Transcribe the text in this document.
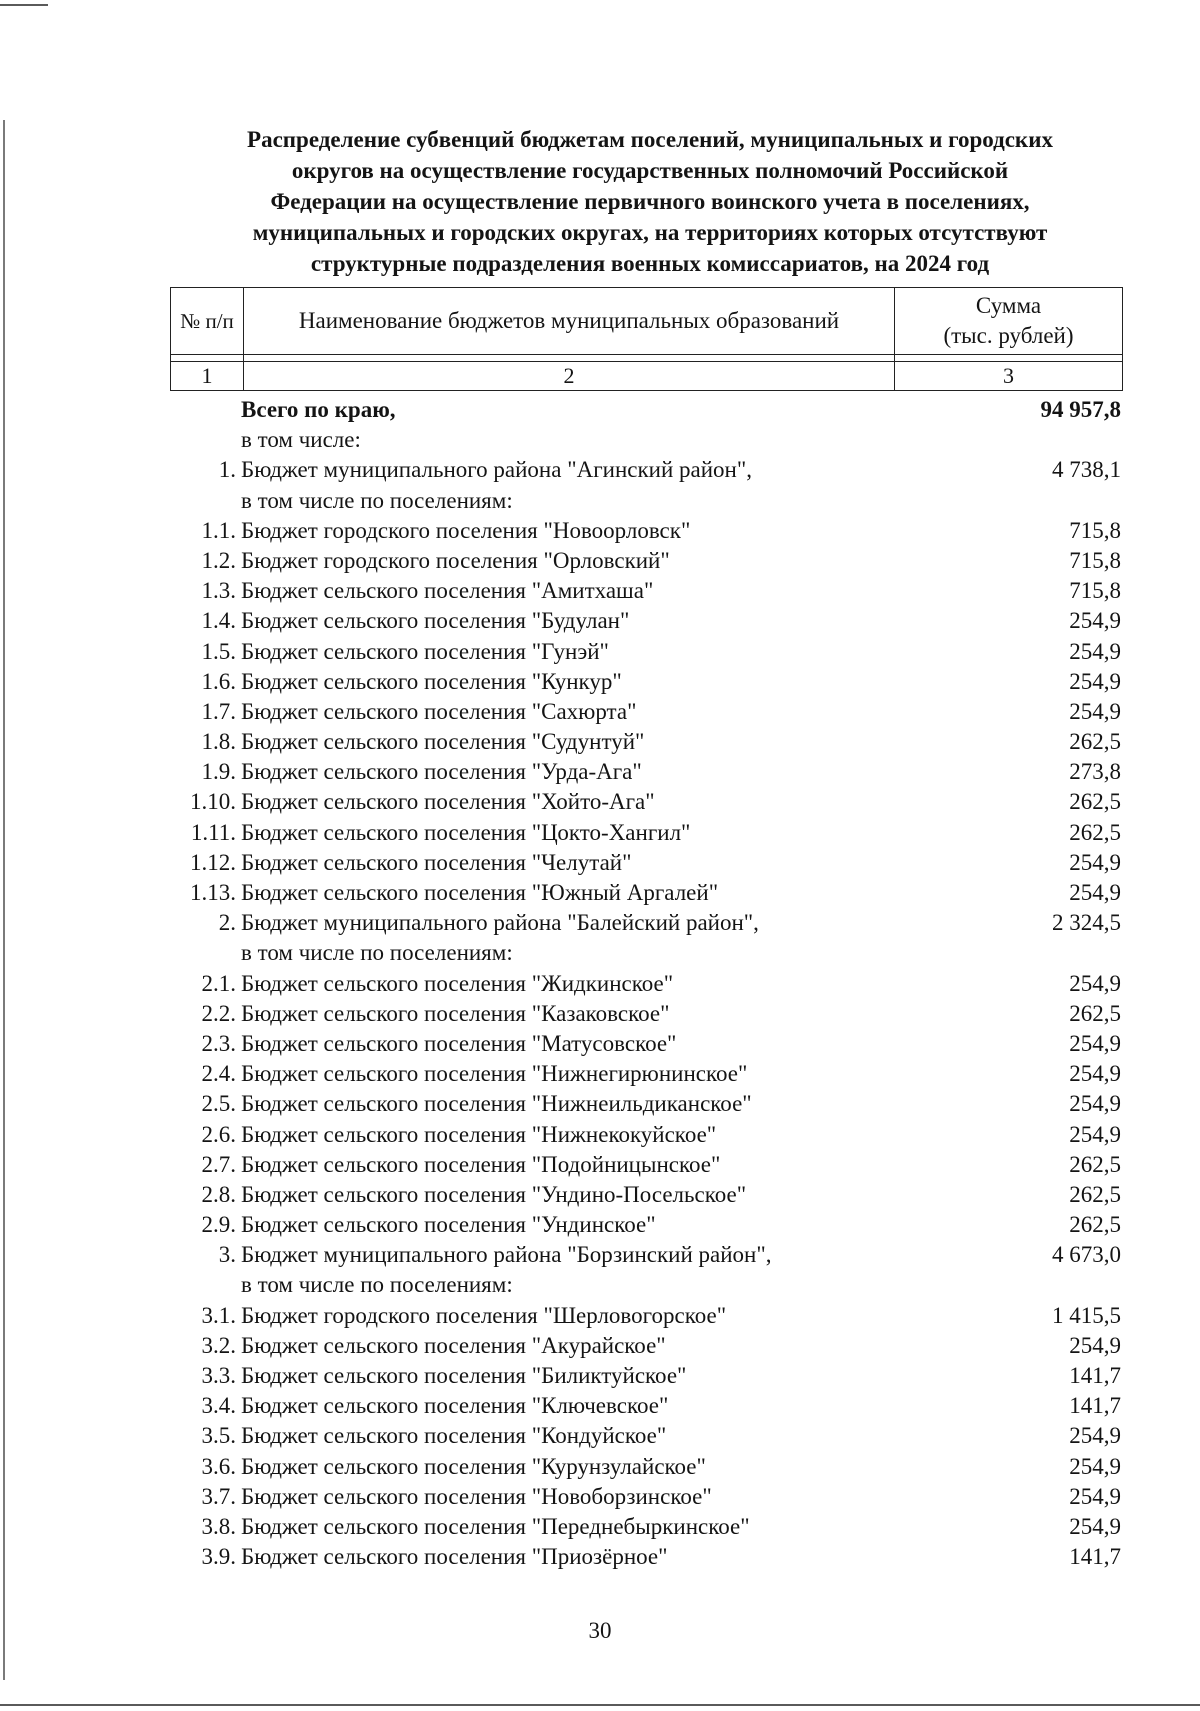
Распределение субвенций бюджетам поселений, муниципальных и городских
округов на осуществление государственных полномочий Российской
Федерации на осуществление первичного воинского учета в поселениях,
муниципальных и городских округах, на территориях которых отсутствуют
структурные подразделения военных комиссариатов, на 2024 год
№ п/п	Наименование бюджетов муниципальных образований	Сумма
(тыс. рублей)

1	2	3
Всего по краю,	94 957,8
в том числе:
1. Бюджет муниципального района "Агинский район",	4 738,1
в том числе по поселениям:
1.1. Бюджет городского поселения "Новоорловск"	715,8
1.2. Бюджет городского поселения "Орловский"	715,8
1.3. Бюджет сельского поселения "Амитхаша"	715,8
1.4. Бюджет сельского поселения "Будулан"	254,9
1.5. Бюджет сельского поселения "Гунэй"	254,9
1.6. Бюджет сельского поселения "Кункур"	254,9
1.7. Бюджет сельского поселения "Сахюрта"	254,9
1.8. Бюджет сельского поселения "Судунтуй"	262,5
1.9. Бюджет сельского поселения "Урда-Ага"	273,8
1.10. Бюджет сельского поселения "Хойто-Ага"	262,5
1.11. Бюджет сельского поселения "Цокто-Хангил"	262,5
1.12. Бюджет сельского поселения "Челутай"	254,9
1.13. Бюджет сельского поселения "Южный Аргалей"	254,9
2. Бюджет муниципального района "Балейский район",	2 324,5
в том числе по поселениям:
2.1. Бюджет сельского поселения "Жидкинское"	254,9
2.2. Бюджет сельского поселения "Казаковское"	262,5
2.3. Бюджет сельского поселения "Матусовское"	254,9
2.4. Бюджет сельского поселения "Нижнегирюнинское"	254,9
2.5. Бюджет сельского поселения "Нижнеильдиканское"	254,9
2.6. Бюджет сельского поселения "Нижнекокуйское"	254,9
2.7. Бюджет сельского поселения "Подойницынское"	262,5
2.8. Бюджет сельского поселения "Ундино-Посельское"	262,5
2.9. Бюджет сельского поселения "Ундинское"	262,5
3. Бюджет муниципального района "Борзинский район",	4 673,0
в том числе по поселениям:
3.1. Бюджет городского поселения "Шерловогорское"	1 415,5
3.2. Бюджет сельского поселения "Акурайское"	254,9
3.3. Бюджет сельского поселения "Биликтуйское"	141,7
3.4. Бюджет сельского поселения "Ключевское"	141,7
3.5. Бюджет сельского поселения "Кондуйское"	254,9
3.6. Бюджет сельского поселения "Курунзулайское"	254,9
3.7. Бюджет сельского поселения "Новоборзинское"	254,9
3.8. Бюджет сельского поселения "Переднебыркинское"	254,9
3.9. Бюджет сельского поселения "Приозёрное"	141,7
30
